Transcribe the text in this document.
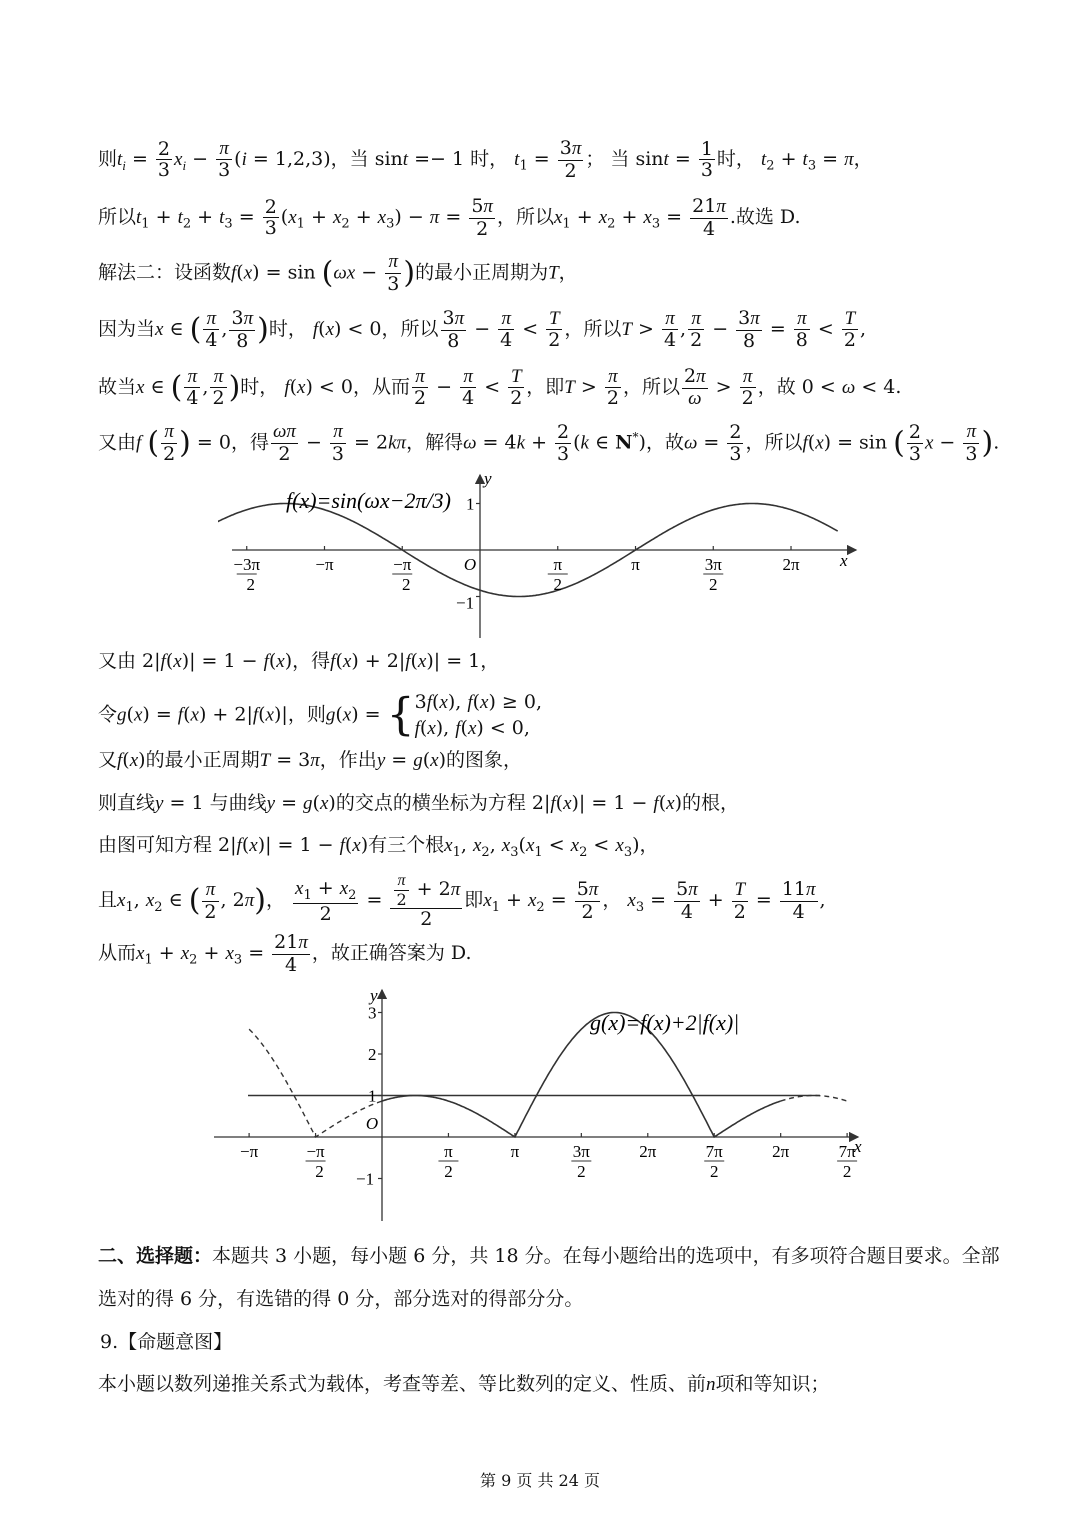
则$t_i = \frac{2}{3} x_i - \frac{\pi}{3} (i = 1,2,3)$，当 sint =− 1 时， $t_1 = \frac{3\pi}{2}$ ； 当 $\sin t = \frac{1}{3}$ 时， $t_2 + t_3 = \pi$，
所以$t_1 + t_2 + t_3 = \frac{2}{3} (x_1 + x_2 + x_3) - \pi = \frac{5\pi}{2}$ ，所以$x_1 + x_2 + x_3 = \frac{21\pi}{4}$ .故选 D.
解法二：设函数$f(x) = \sin (\omega x - \frac{\pi}{3}$ )的最小正周期为T，
因为当x ∈ ( $\frac{\pi}{4}$ , $\frac{3\pi}{8}$ )时， f(x) < 0，所以 $\frac{3\pi}{8} - \frac{\pi}{4} < \frac{T}{2}$ ，所以$T > \frac{\pi}{4}$ , $\frac{\pi}{2} - \frac{3\pi}{8} = \frac{\pi}{8} < \frac{T}{2}$ ,
故当x ∈ ( $\frac{\pi}{4}$ , $\frac{\pi}{2}$ )时， f(x) < 0，从而 $\frac{\pi}{2} - \frac{\pi}{4} < \frac{T}{2}$ ，即$T > \frac{\pi}{2}$ ，所以 $\frac{2\pi}{\omega} > \frac{\pi}{2}$ ，故 0 < ω < 4.
又由f ( $\frac{\pi}{2}$ ) = 0，得 $\frac{\omega\pi}{2} - \frac{\pi}{3} = 2k\pi$，解得$\omega = 4k + \frac{2}{3} (k$ ∈ N*)，故$\omega = \frac{2}{3}$ ，所以f(x) = sin ( $\frac{2}{3}$ $x - \frac{\pi}{3}$ ).
−3π
2
−π	−π
2
O	π
2
π	3π
2
2π
1
−1
x
y
f(x)=sin(ωx−2π/3)
又由 2|f(x)| = 1 − f(x)，得f(x) + 2|f(x)| = 1，
令g(x) = f(x) + 2|f(x)|，则g(x) = {3f(x), f(x) ≥ 0,
f(x), f(x) < 0,
又f(x)的最小正周期T = 3π，作出y = g(x)的图象，
则直线y = 1 与曲线y = g(x)的交点的横坐标为方程 2|f(x)| = 1 − f(x)的根，
由图可知方程 2|f(x)| = 1 − f(x)有三个根$x_1$, $x_2$, $x_3(x_1 < x_2 < x_3)$，
且$x_1$, $x_2$ ∈ ( $\frac{\pi}{2}$ , 2π)， $\frac{x_1 + x_2}{2} = \frac{\frac{\pi}{2} + 2\pi}{2}$ 即$x_1 + x_2 = \frac{5\pi}{2}$ ， $x_3 = \frac{5\pi}{4} + \frac{T}{2} = \frac{11\pi}{4}$ ,
从而$x_1 + x_2 + x_3 = \frac{21\pi}{4}$ ，故正确答案为 D.
−π	−π
2
O
π
2
π	3π
2
2π	7π
2
2π	7π
2
3
2
1
−1
x
y
g(x)=f(x)+2|f(x)|
二、选择题：本题共 3 小题，每小题 6 分，共 18 分。在每小题给出的选项中，有多项符合题目要求。全部
选对的得 6 分，有选错的得 0 分，部分选对的得部分分。
9.【命题意图】
本小题以数列递推关系式为载体，考查等差、等比数列的定义、性质、前n项和等知识；
第 9 页 共 24 页
